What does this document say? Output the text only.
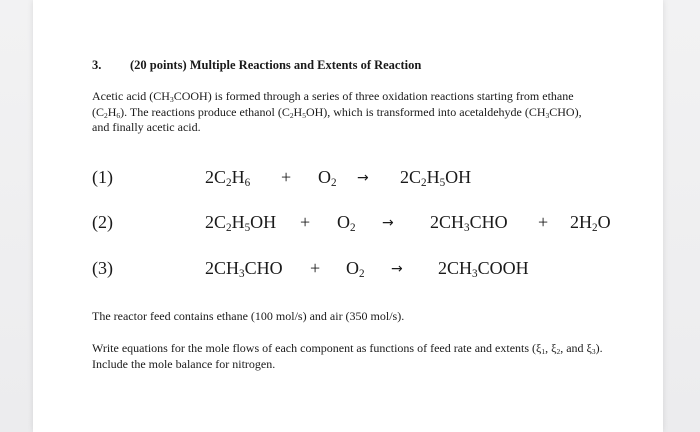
3. (20 points) Multiple Reactions and Extents of Reaction
Acetic acid $(CH_3COOH)$ is formed through a series of three oxidation reactions starting from ethane $(C_2H_6)$. The reactions produce ethanol $(C_2H_5OH)$, which is transformed into acetaldehyde $(CH_3CHO)$, and finally acetic acid.
(1)	$2C_2H_6 + O_2 \to 2C_2H_5OH$
(2)	$2C_2H_5OH + O_2 \to 2CH_3CHO + 2H_2O$
(3)	$2CH_3CHO + O_2$ → $2CH_3COOH$
The reactor feed contains ethane (100 mol/s) and air (350 mol/s).
Write equations for the mole flows of each component as functions of feed rate and extents ($\xi_1$, $\xi_2$, and $\xi_3$). Include the mole balance for nitrogen.
